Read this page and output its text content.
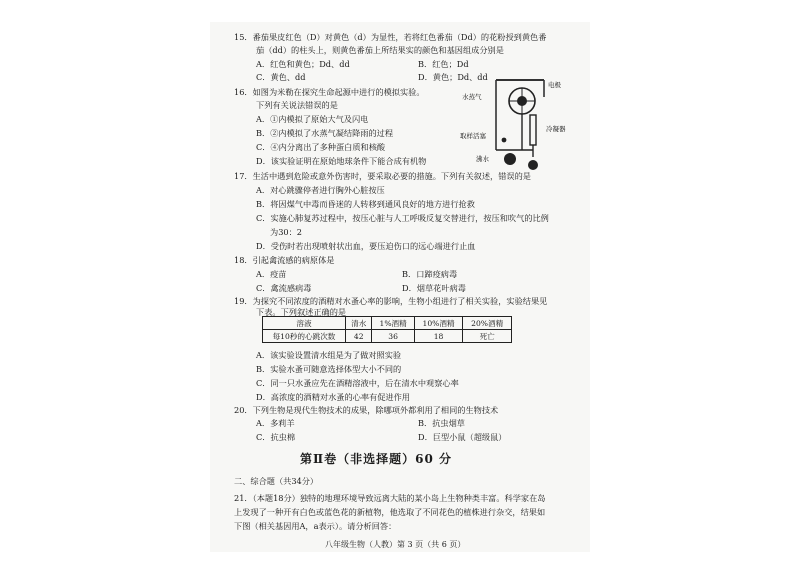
15．番茄果皮红色（D）对黄色（d）为显性，若将红色番茄（Dd）的花粉授到黄色番
茄（dd）的柱头上，则黄色番茄上所结果实的颜色和基因组成分别是
A．红色和黄色；Dd、dd	B．红色；Dd
C．黄色、dd	D．黄色；Dd、dd
16．如图为米勒在探究生命起源中进行的模拟实验。
下列有关说法错误的是
A．①内模拟了原始大气及闪电
B．②内模拟了水蒸气凝结降雨的过程
C．④内分离出了多种蛋白质和核酸
D．该实验证明在原始地球条件下能合成有机物
电极
水蒸气
取样活塞
冷凝器
沸水
17．生活中遇到危险或意外伤害时，要采取必要的措施。下列有关叙述，错误的是
A．对心跳骤停者进行胸外心脏按压
B．将因煤气中毒而昏迷的人转移到通风良好的地方进行抢救
C．实施心肺复苏过程中，按压心脏与人工呼吸反复交替进行，按压和吹气的比例
为30：2
D．受伤时若出现喷射状出血，要压迫伤口的远心端进行止血
18．引起禽流感的病原体是
A．疫苗	B．口蹄疫病毒
C．禽流感病毒	D．烟草花叶病毒
19．为探究不同浓度的酒精对水蚤心率的影响，生物小组进行了相关实验，实验结果见
下表。下列叙述正确的是
溶液	清水	1%酒精	10%酒精	20%酒精
每10秒的心跳次数	42	36	18	死亡
A．该实验设置清水组是为了做对照实验
B．实验水蚤可随意选择体型大小不同的
C．同一只水蚤应先在酒精溶液中，后在清水中观察心率
D．高浓度的酒精对水蚤的心率有促进作用
20．下列生物是现代生物技术的成果，除哪项外都利用了相同的生物技术
A．多莉羊	B．抗虫烟草
C．抗虫棉	D．巨型小鼠（超级鼠）
第Ⅱ卷（非选择题）60 分
二、综合题（共34分）
21．（本题18分）独特的地理环境导致远离大陆的某小岛上生物种类丰富。科学家在岛
上发现了一种开有白色或蓝色花的新植物，他选取了不同花色的植株进行杂交，结果如
下图（相关基因用A，a表示）。请分析回答：
八年级生物（人教）第 3 页（共 6 页）
